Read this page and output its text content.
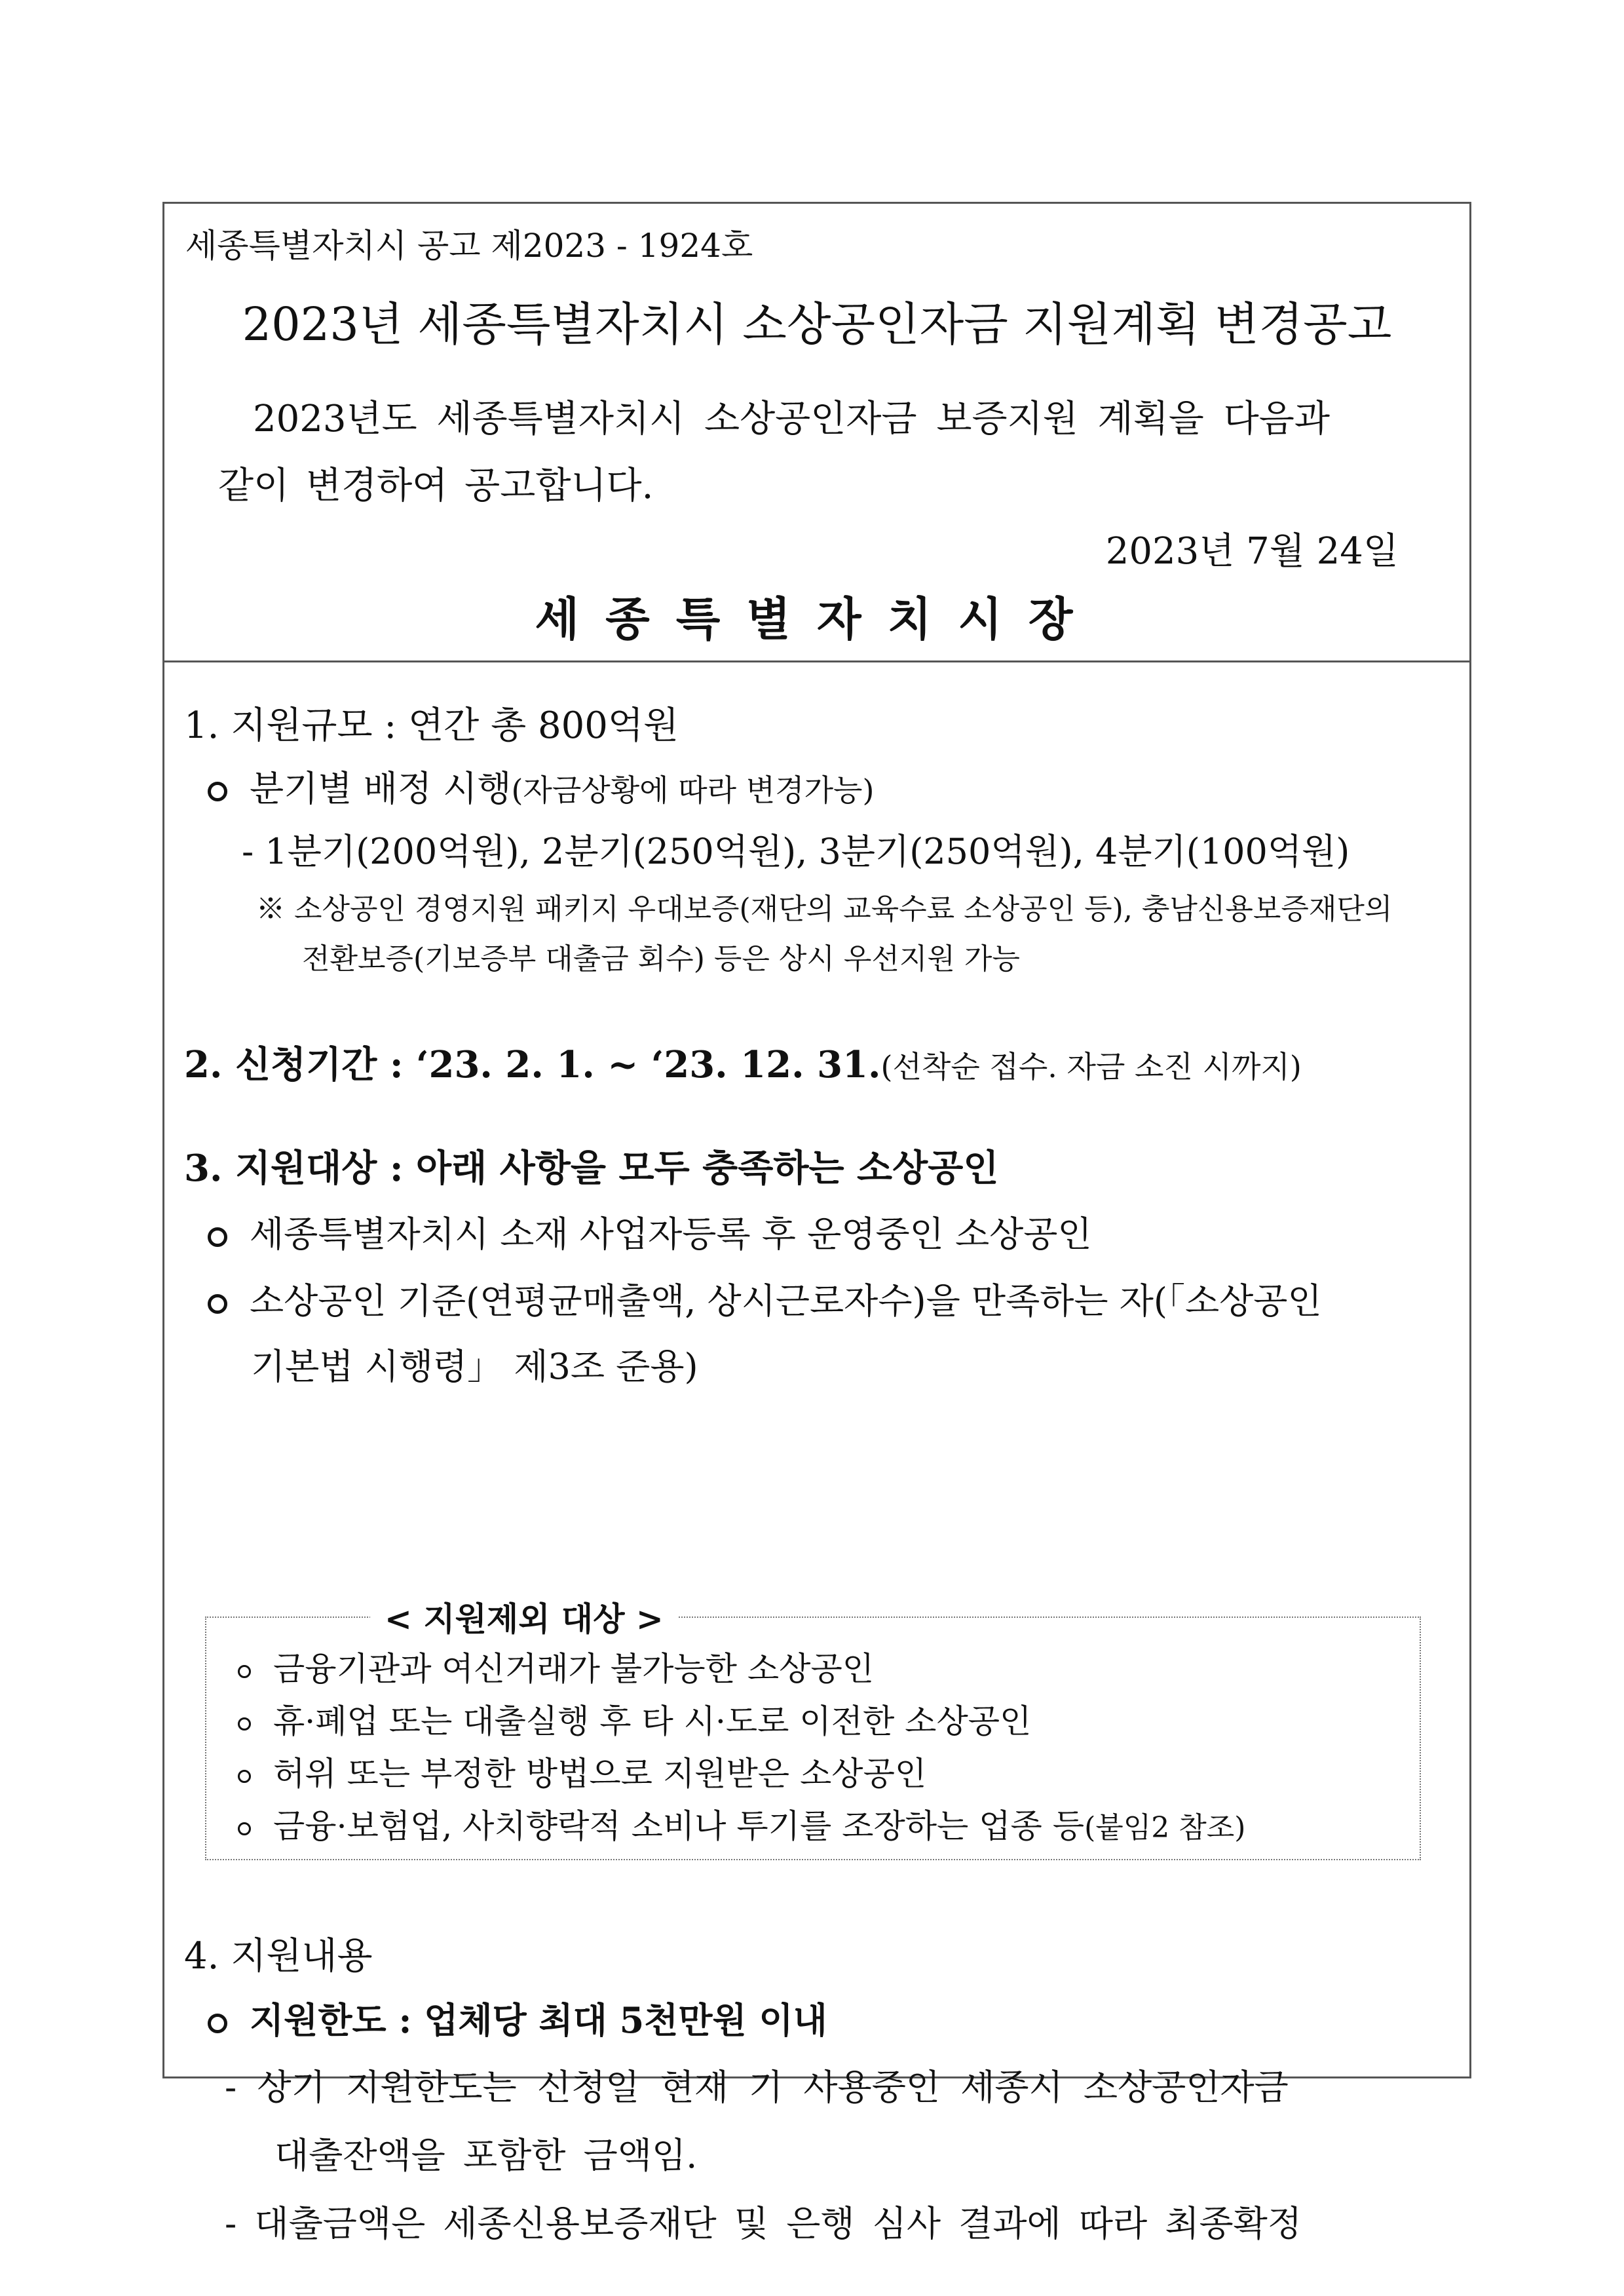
세종특별자치시 공고 제2023 - 1924호
2023년 세종특별자치시 소상공인자금 지원계획 변경공고
2023년도 세종특별자치시 소상공인자금 보증지원 계획을 다음과
같이 변경하여 공고합니다.
2023년 7월 24일
세종특별자치시장
1. 지원규모 : 연간 총 800억원
분기별 배정 시행(자금상황에 따라 변경가능)
- 1분기(200억원), 2분기(250억원), 3분기(250억원), 4분기(100억원)
※ 소상공인 경영지원 패키지 우대보증(재단의 교육수료 소상공인 등), 충남신용보증재단의
전환보증(기보증부 대출금 회수) 등은 상시 우선지원 가능
2. 신청기간 : ‘23. 2. 1. ~ ‘23. 12. 31.(선착순 접수. 자금 소진 시까지)
3. 지원대상 : 아래 사항을 모두 충족하는 소상공인
세종특별자치시 소재 사업자등록 후 운영중인 소상공인
소상공인 기준(연평균매출액, 상시근로자수)을 만족하는 자(「소상공인
기본법 시행령」 제3조 준용)
< 지원제외 대상 >
금융기관과 여신거래가 불가능한 소상공인
휴·폐업 또는 대출실행 후 타 시·도로 이전한 소상공인
허위 또는 부정한 방법으로 지원받은 소상공인
금융·보험업, 사치향락적 소비나 투기를 조장하는 업종 등(붙임2 참조)
4. 지원내용
지원한도 : 업체당 최대 5천만원 이내
- 상기 지원한도는 신청일 현재 기 사용중인 세종시 소상공인자금
대출잔액을 포함한 금액임.
- 대출금액은 세종신용보증재단 및 은행 심사 결과에 따라 최종확정
